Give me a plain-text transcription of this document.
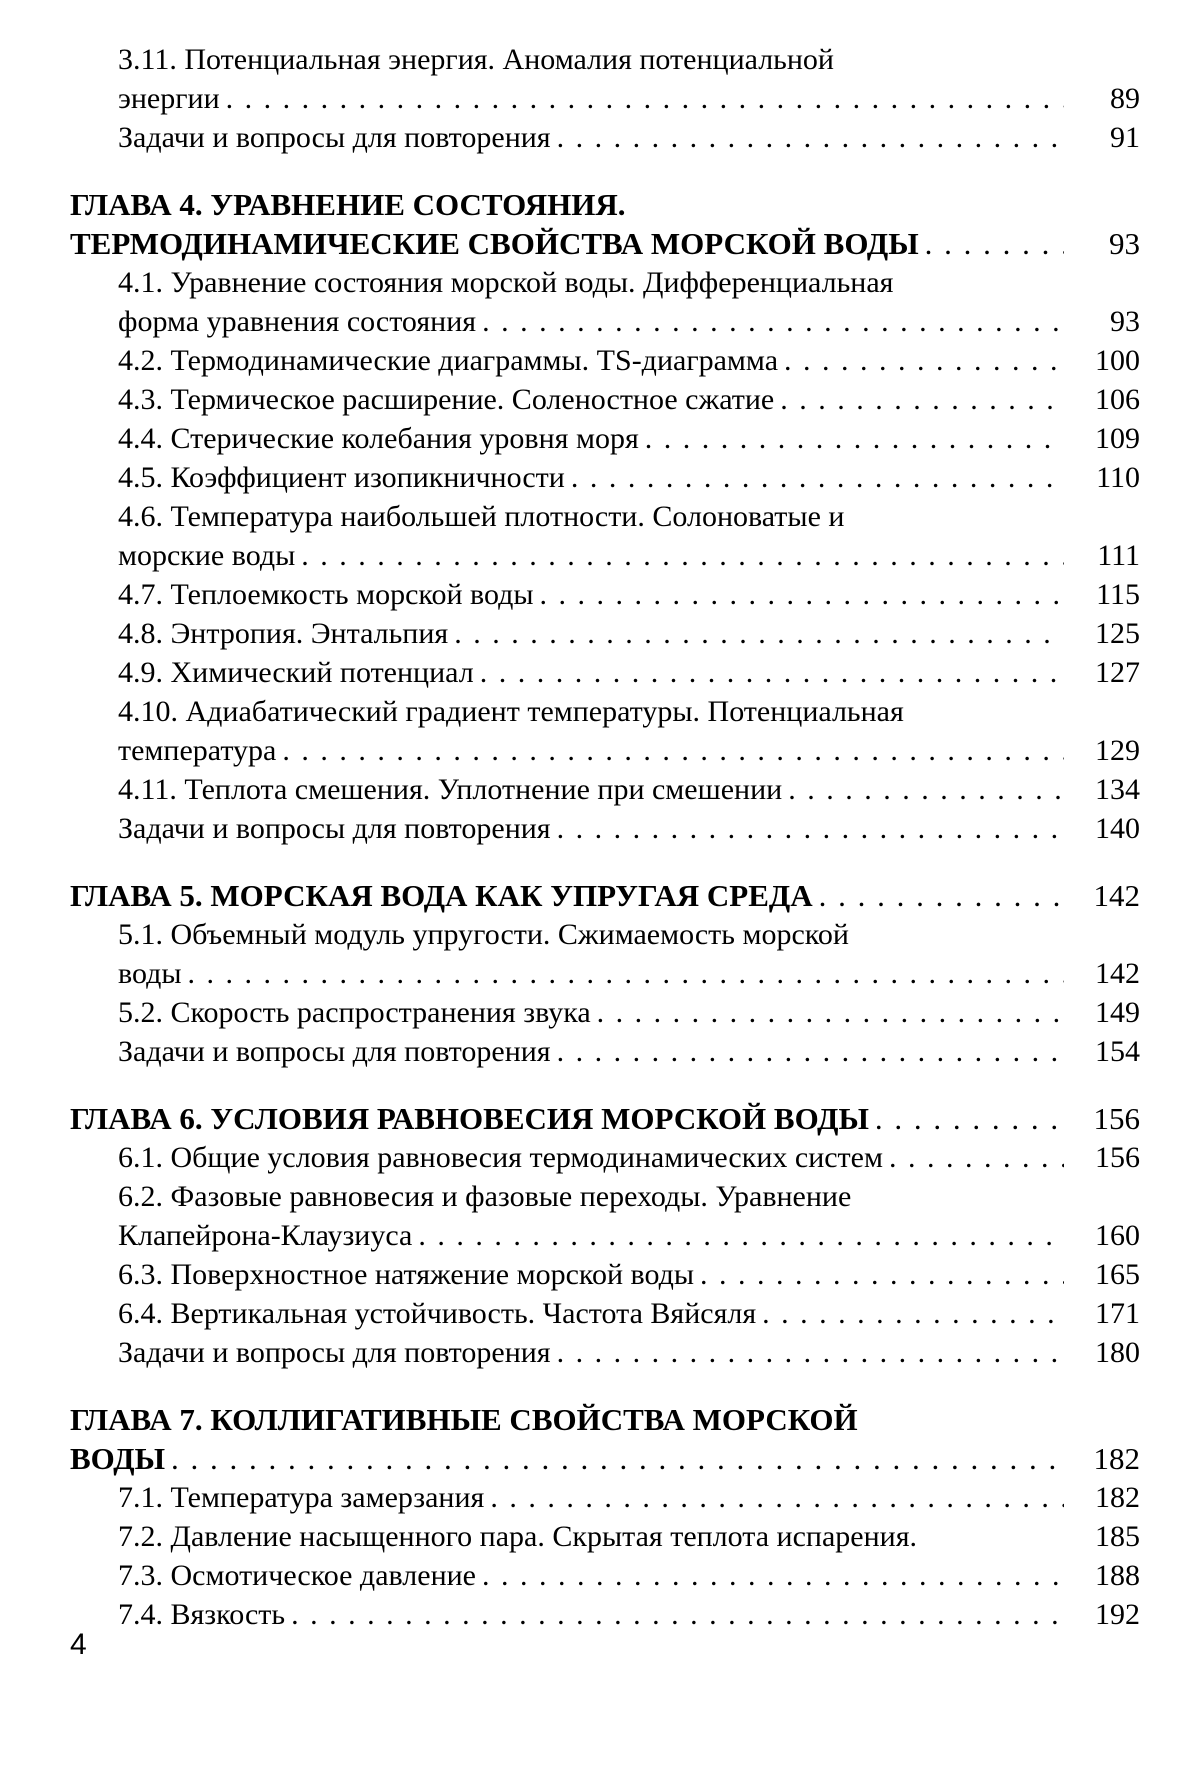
3.11. Потенциальная энергия. Аномалия потенциальной
энергии . . .	89
Задачи и вопросы для повторения . . .	91
ГЛАВА 4. УРАВНЕНИЕ СОСТОЯНИЯ.
ТЕРМОДИНАМИЧЕСКИЕ СВОЙСТВА МОРСКОЙ ВОДЫ . . .	93
4.1. Уравнение состояния морской воды. Дифференциальная
форма уравнения состояния . . .	93
4.2. Термодинамические диаграммы. TS-диаграмма . . .	100
4.3. Термическое расширение. Соленостное сжатие . . .	106
4.4. Стерические колебания уровня моря . . .	109
4.5. Коэффициент изопикничности . . .	110
4.6. Температура наибольшей плотности. Солоноватые и
морские воды . . .	111
4.7. Теплоемкость морской воды . . .	115
4.8. Энтропия. Энтальпия . . .	125
4.9. Химический потенциал . . .	127
4.10. Адиабатический градиент температуры. Потенциальная
температура . . .	129
4.11. Теплота смешения. Уплотнение при смешении . . .	134
Задачи и вопросы для повторения . . .	140
ГЛАВА 5. МОРСКАЯ ВОДА КАК УПРУГАЯ СРЕДА . . .	142
5.1. Объемный модуль упругости. Сжимаемость морской
воды . . .	142
5.2. Скорость распространения звука . . .	149
Задачи и вопросы для повторения . . .	154
ГЛАВА 6. УСЛОВИЯ РАВНОВЕСИЯ МОРСКОЙ ВОДЫ . . .	156
6.1. Общие условия равновесия термодинамических систем . . .	156
6.2. Фазовые равновесия и фазовые переходы. Уравнение
Клапейрона-Клаузиуса . . .	160
6.3. Поверхностное натяжение морской воды . . .	165
6.4. Вертикальная устойчивость. Частота Вяйсяля . . .	171
Задачи и вопросы для повторения . . .	180
ГЛАВА 7. КОЛЛИГАТИВНЫЕ СВОЙСТВА МОРСКОЙ
ВОДЫ . . .	182
7.1. Температура замерзания . . .	182
7.2. Давление насыщенного пара. Скрытая теплота испарения.	185
7.3. Осмотическое давление . . .	188
7.4. Вязкость . . .	192
4
